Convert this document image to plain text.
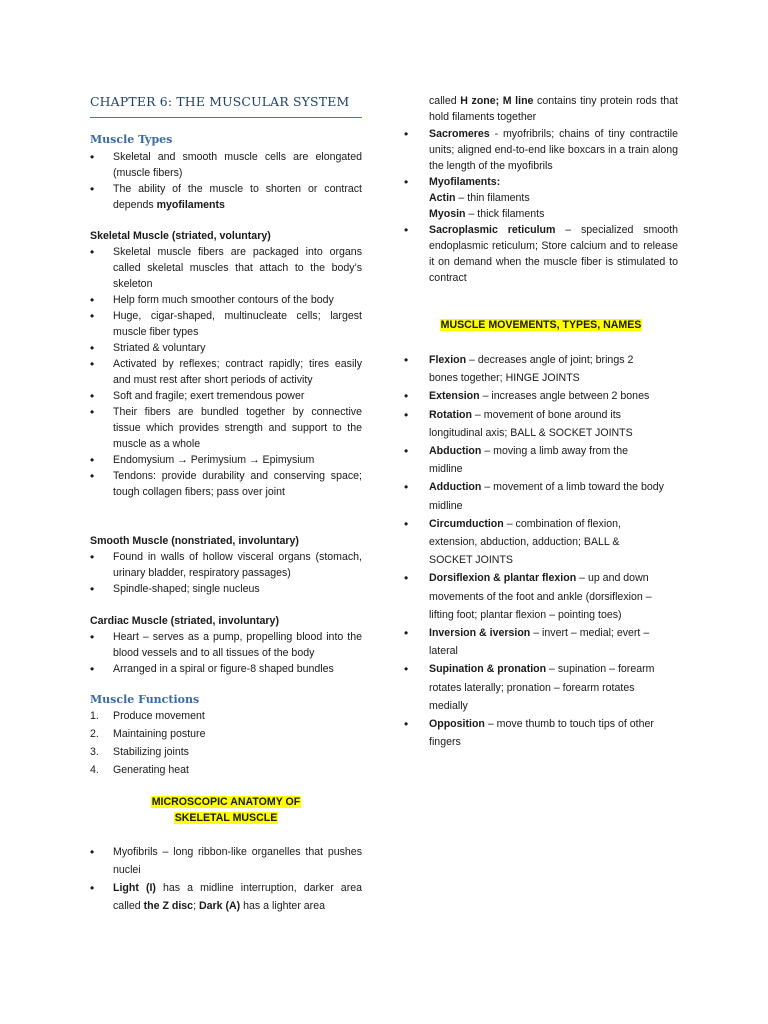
CHAPTER 6: THE MUSCULAR SYSTEM
Muscle Types
• Skeletal and smooth muscle cells are elongated (muscle fibers)
• The ability of the muscle to shorten or contract depends myofilaments
Skeletal Muscle (striated, voluntary)
• Skeletal muscle fibers are packaged into organs called skeletal muscles that attach to the body’s skeleton
• Help form much smoother contours of the body
• Huge, cigar-shaped, multinucleate cells; largest muscle fiber types
• Striated & voluntary
• Activated by reflexes; contract rapidly; tires easily and must rest after short periods of activity
• Soft and fragile; exert tremendous power
• Their fibers are bundled together by connective tissue which provides strength and support to the muscle as a whole
• Endomysium → Perimysium → Epimysium
• Tendons: provide durability and conserving space; tough collagen fibers; pass over joint
Smooth Muscle (nonstriated, involuntary)
• Found in walls of hollow visceral organs (stomach, urinary bladder, respiratory passages)
• Spindle-shaped; single nucleus
Cardiac Muscle (striated, involuntary)
• Heart – serves as a pump, propelling blood into the blood vessels and to all tissues of the body
• Arranged in a spiral or figure-8 shaped bundles
Muscle Functions
1. Produce movement
2. Maintaining posture
3. Stabilizing joints
4. Generating heat
MICROSCOPIC ANATOMY OF
SKELETAL MUSCLE
• Myofibrils – long ribbon-like organelles that pushes nuclei
• Light (I) has a midline interruption, darker area called the Z disc; Dark (A) has a lighter area
called H zone; M line contains tiny protein rods that hold filaments together
• Sacromeres - myofribrils; chains of tiny contractile units; aligned end-to-end like boxcars in a train along the length of the myofibrils
• Myofilaments:
Actin – thin filaments
Myosin – thick filaments
• Sacroplasmic reticulum – specialized smooth endoplasmic reticulum; Store calcium and to release it on demand when the muscle fiber is stimulated to contract
MUSCLE MOVEMENTS, TYPES, NAMES
• Flexion – decreases angle of joint; brings 2 bones together; HINGE JOINTS
• Extension – increases angle between 2 bones
• Rotation – movement of bone around its longitudinal axis; BALL & SOCKET JOINTS
• Abduction – moving a limb away from the midline
• Adduction – movement of a limb toward the body midline
• Circumduction – combination of flexion, extension, abduction, adduction; BALL & SOCKET JOINTS
• Dorsiflexion & plantar flexion – up and down movements of the foot and ankle (dorsiflexion – lifting foot; plantar flexion – pointing toes)
• Inversion & iversion – invert – medial; evert – lateral
• Supination & pronation – supination – forearm rotates laterally; pronation – forearm rotates medially
• Opposition – move thumb to touch tips of other fingers
